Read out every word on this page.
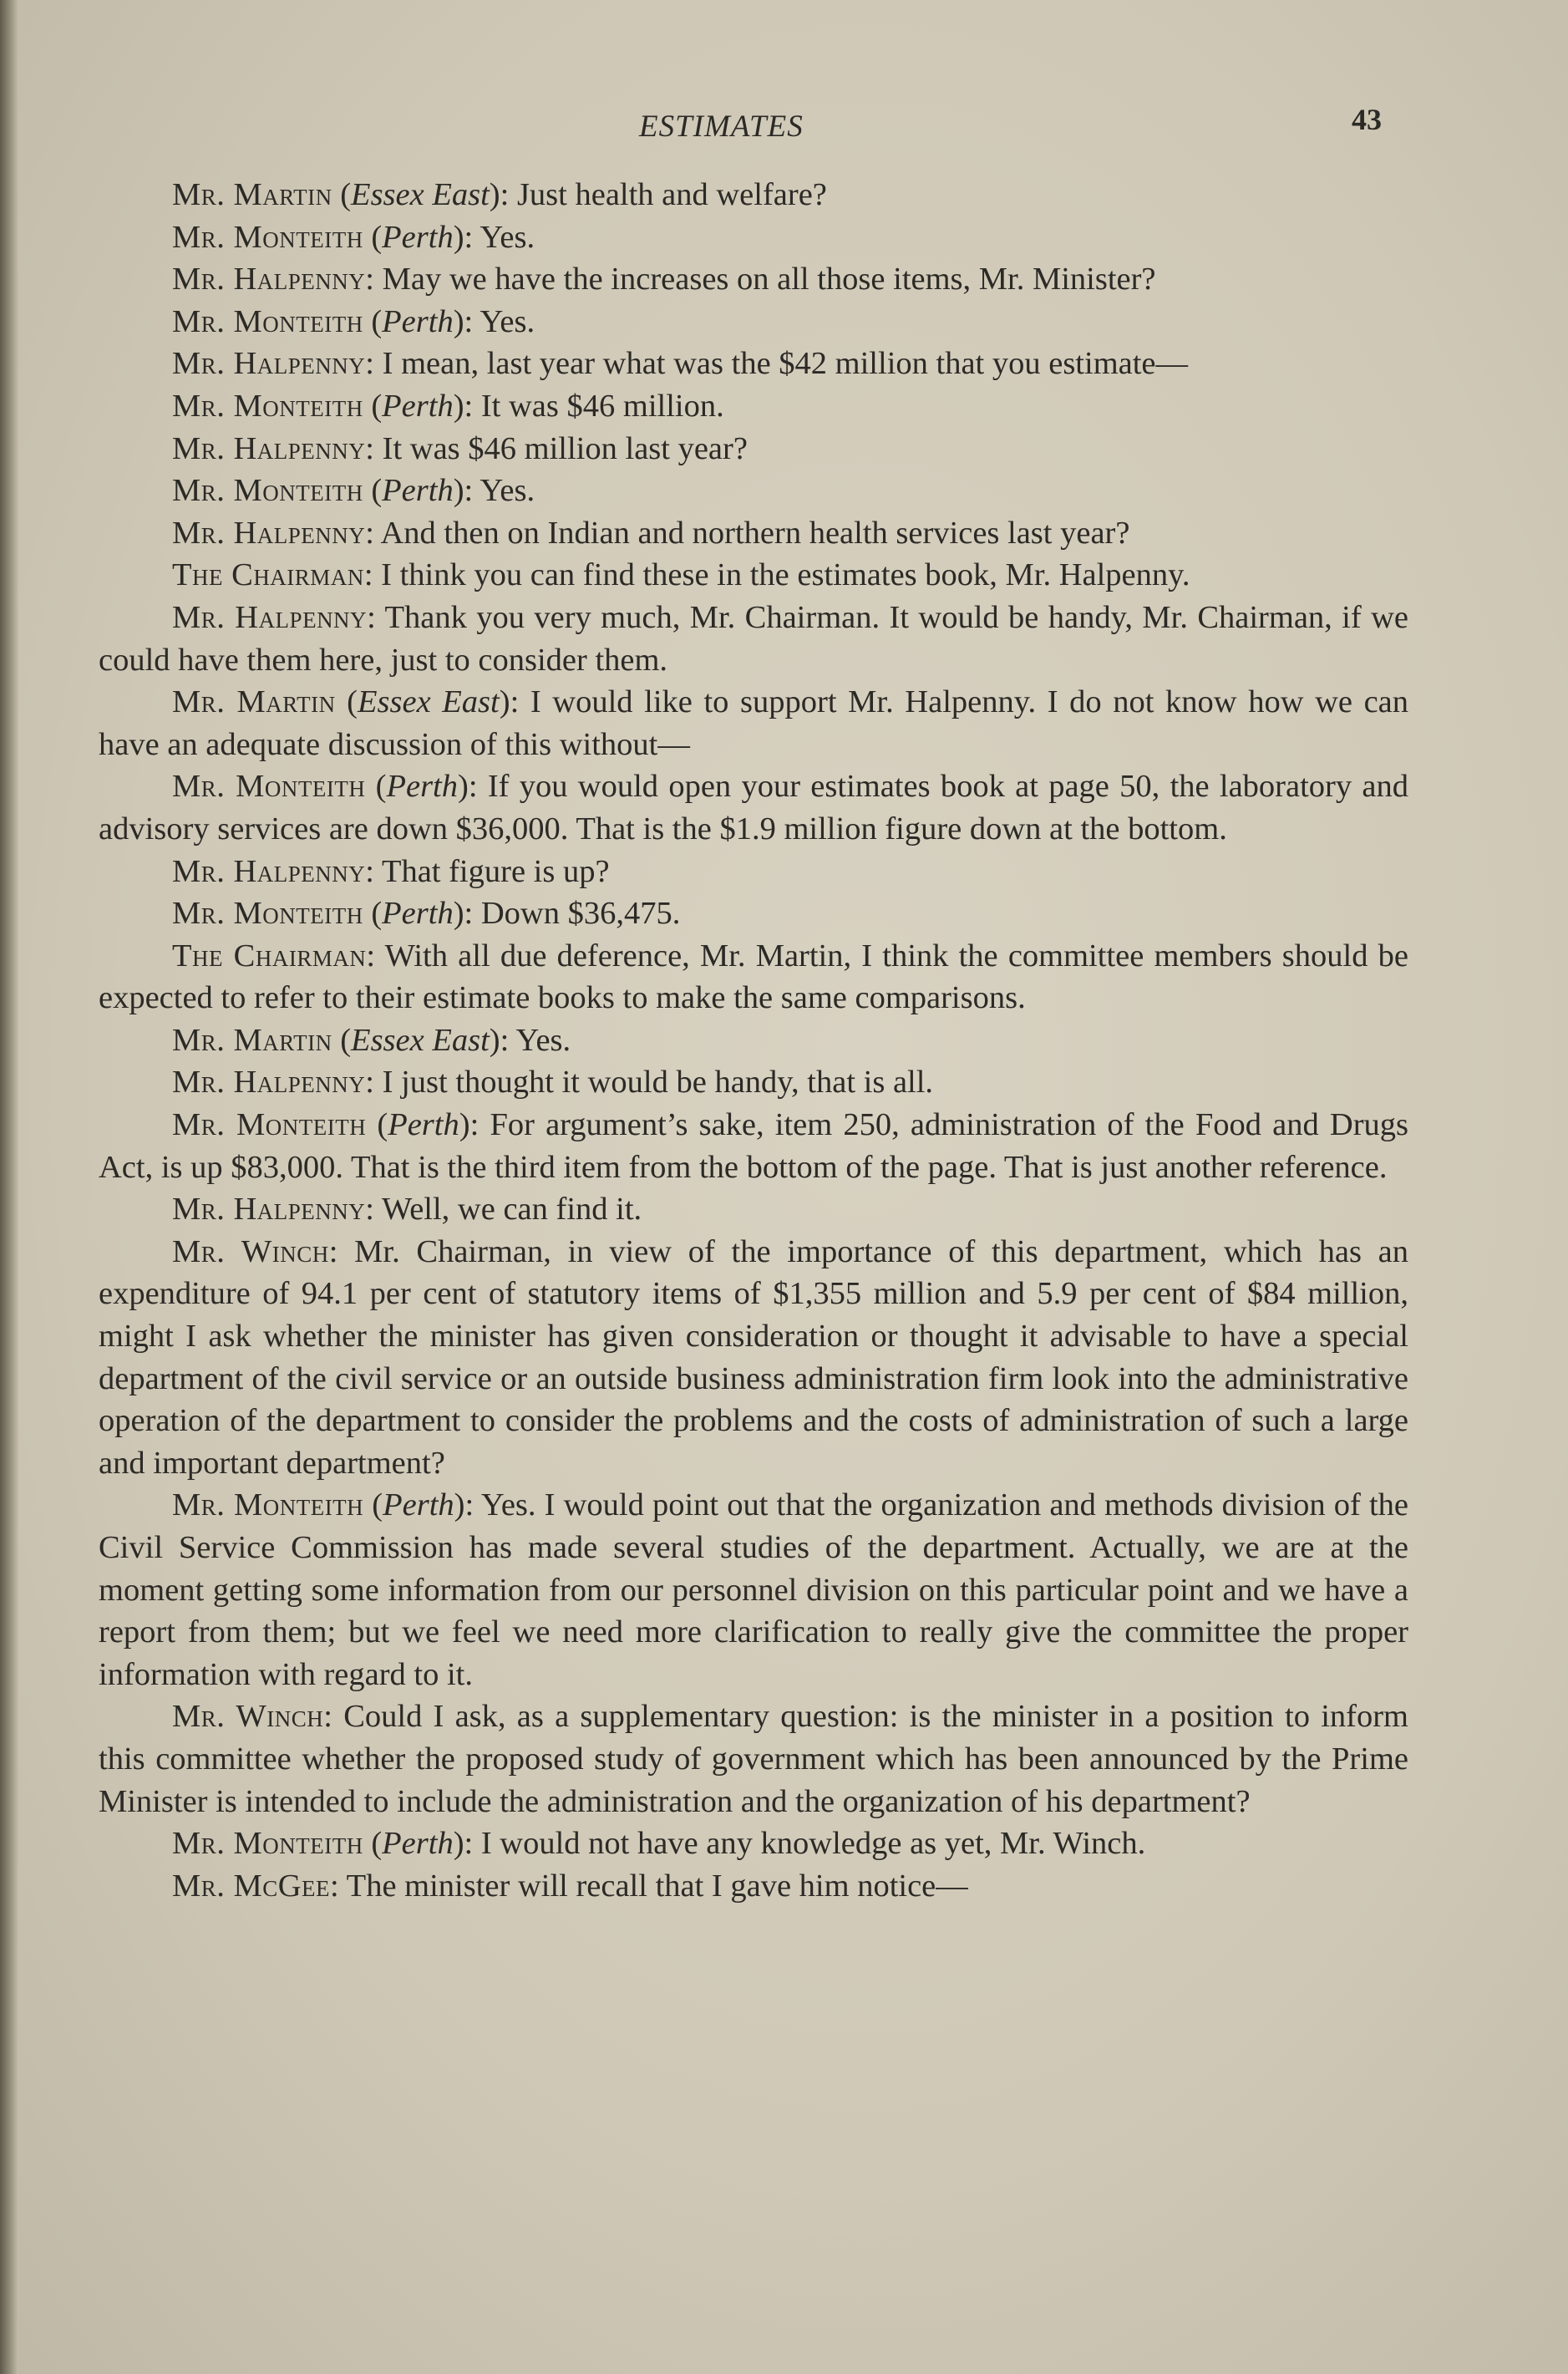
ESTIMATES	43

Mr. Martin (Essex East): Just health and welfare?

Mr. Monteith (Perth): Yes.

Mr. Halpenny: May we have the increases on all those items, Mr. Minister?

Mr. Monteith (Perth): Yes.

Mr. Halpenny: I mean, last year what was the $42 million that you estimate—

Mr. Monteith (Perth): It was $46 million.

Mr. Halpenny: It was $46 million last year?

Mr. Monteith (Perth): Yes.

Mr. Halpenny: And then on Indian and northern health services last year?

The Chairman: I think you can find these in the estimates book, Mr. Halpenny.

Mr. Halpenny: Thank you very much, Mr. Chairman. It would be handy, Mr. Chairman, if we could have them here, just to consider them.

Mr. Martin (Essex East): I would like to support Mr. Halpenny. I do not know how we can have an adequate discussion of this without—

Mr. Monteith (Perth): If you would open your estimates book at page 50, the laboratory and advisory services are down $36,000. That is the $1.9 million figure down at the bottom.

Mr. Halpenny: That figure is up?

Mr. Monteith (Perth): Down $36,475.

The Chairman: With all due deference, Mr. Martin, I think the committee members should be expected to refer to their estimate books to make the same comparisons.

Mr. Martin (Essex East): Yes.

Mr. Halpenny: I just thought it would be handy, that is all.

Mr. Monteith (Perth): For argument’s sake, item 250, administration of the Food and Drugs Act, is up $83,000. That is the third item from the bottom of the page. That is just another reference.

Mr. Halpenny: Well, we can find it.

Mr. Winch: Mr. Chairman, in view of the importance of this department, which has an expenditure of 94.1 per cent of statutory items of $1,355 million and 5.9 per cent of $84 million, might I ask whether the minister has given consideration or thought it advisable to have a special department of the civil service or an outside business administration firm look into the administrative operation of the department to consider the problems and the costs of administration of such a large and important department?

Mr. Monteith (Perth): Yes. I would point out that the organization and methods division of the Civil Service Commission has made several studies of the department. Actually, we are at the moment getting some information from our personnel division on this particular point and we have a report from them; but we feel we need more clarification to really give the committee the proper information with regard to it.

Mr. Winch: Could I ask, as a supplementary question: is the minister in a position to inform this committee whether the proposed study of government which has been announced by the Prime Minister is intended to include the administration and the organization of his department?

Mr. Monteith (Perth): I would not have any knowledge as yet, Mr. Winch.

Mr. McGee: The minister will recall that I gave him notice—
